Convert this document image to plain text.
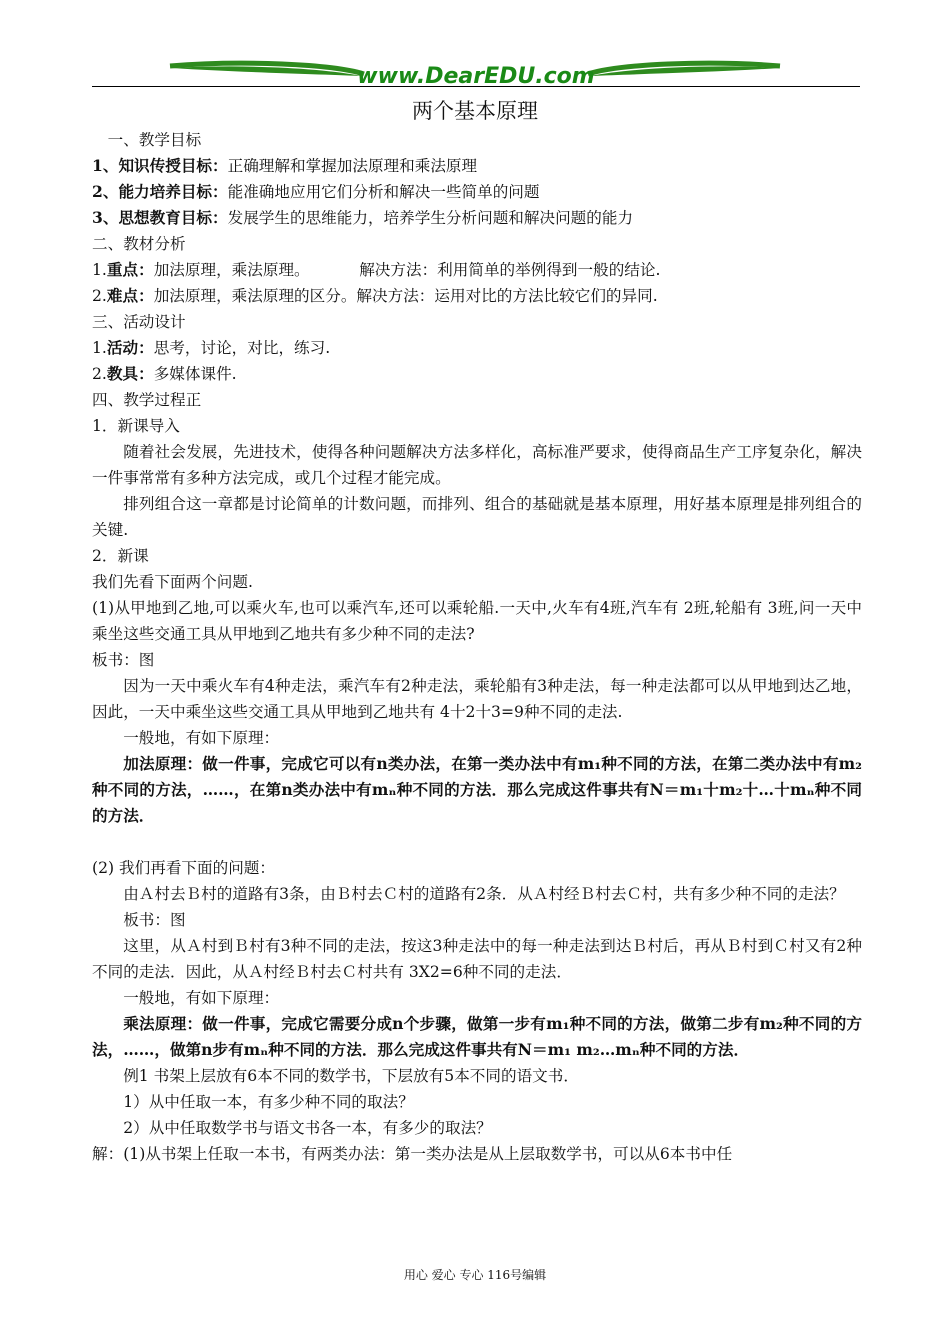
www.DearEDU.com
两个基本原理

一、教学目标

1、知识传授目标：正确理解和掌握加法原理和乘法原理

2、能力培养目标：能准确地应用它们分析和解决一些简单的问题

3、思想教育目标：发展学生的思维能力，培养学生分析问题和解决问题的能力

二、教材分析

1.重点：加法原理，乘法原理。          解决方法：利用简单的举例得到一般的结论.

2.难点：加法原理，乘法原理的区分。解决方法：运用对比的方法比较它们的异同.

三、活动设计

1.活动：思考，讨论，对比，练习.

2.教具：多媒体课件.

四、教学过程正

1．新课导入

随着社会发展，先进技术，使得各种问题解决方法多样化，高标准严要求，使得商品生产工序复杂化，解决一件事常常有多种方法完成，或几个过程才能完成。

排列组合这一章都是讨论简单的计数问题，而排列、组合的基础就是基本原理，用好基本原理是排列组合的关键.

2．新课

我们先看下面两个问题.

(1)从甲地到乙地,可以乘火车,也可以乘汽车,还可以乘轮船.一天中,火车有4班,汽车有 2班,轮船有 3班,问一天中乘坐这些交通工具从甲地到乙地共有多少种不同的走法?

板书：图

因为一天中乘火车有4种走法，乘汽车有2种走法，乘轮船有3种走法，每一种走法都可以从甲地到达乙地，因此，一天中乘坐这些交通工具从甲地到乙地共有 4十2十3=9种不同的走法.

一般地，有如下原理：

加法原理：做一件事，完成它可以有n类办法，在第一类办法中有m₁种不同的方法，在第二类办法中有m₂种不同的方法，……，在第n类办法中有mₙ种不同的方法．那么完成这件事共有N＝m₁十m₂十…十mₙ种不同的方法．

(2) 我们再看下面的问题：

由Ａ村去Ｂ村的道路有3条，由Ｂ村去Ｃ村的道路有2条．从Ａ村经Ｂ村去Ｃ村，共有多少种不同的走法？

板书：图

这里，从Ａ村到Ｂ村有3种不同的走法，按这3种走法中的每一种走法到达Ｂ村后，再从Ｂ村到Ｃ村又有2种不同的走法．因此，从Ａ村经Ｂ村去Ｃ村共有 3X2=6种不同的走法．

一般地，有如下原理：

乘法原理：做一件事，完成它需要分成n个步骤，做第一步有m₁种不同的方法，做第二步有m₂种不同的方法，……，做第n步有mₙ种不同的方法．那么完成这件事共有N＝m₁ m₂…mₙ种不同的方法．

例1 书架上层放有6本不同的数学书，下层放有5本不同的语文书．

1）从中任取一本，有多少种不同的取法？

2）从中任取数学书与语文书各一本，有多少的取法？

解：(1)从书架上任取一本书，有两类办法：第一类办法是从上层取数学书，可以从6本书中任

用心 爱心 专心 116号编辑
